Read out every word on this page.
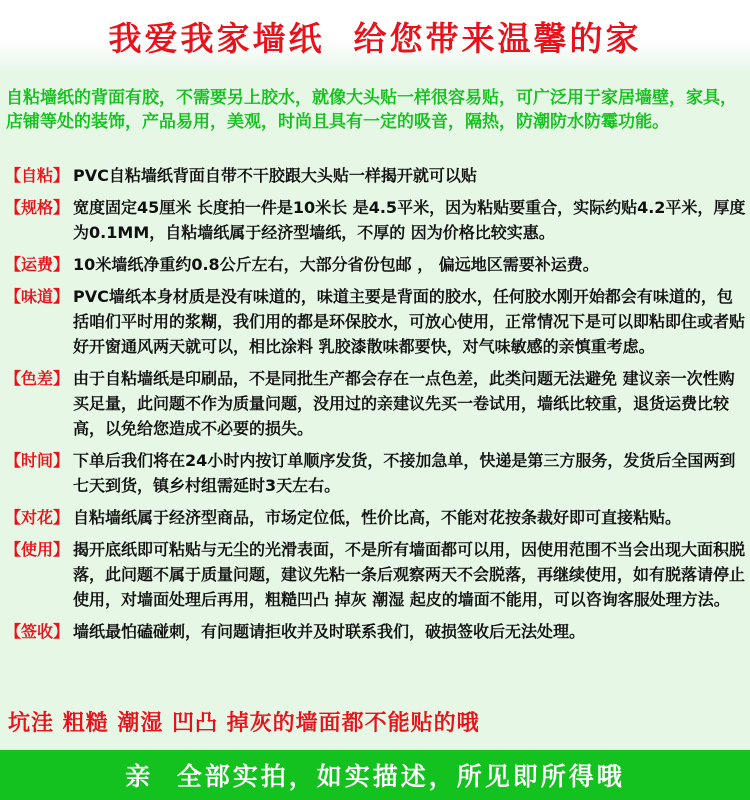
我爱我家墙纸  给您带来温馨的家
自粘墙纸的背面有胶，不需要另上胶水，就像大头贴一样很容易贴，可广泛用于家居墙壁，家具，店铺等处的装饰，产品易用，美观，时尚且具有一定的吸音，隔热，防潮防水防霉功能。
【自粘】 PVC自粘墙纸背面自带不干胶跟大头贴一样揭开就可以贴
【规格】 宽度固定45厘米 长度拍一件是10米长 是4.5平米，因为粘贴要重合，实际约贴4.2平米，厚度为0.1MM，自粘墙纸属于经济型墙纸，不厚的 因为价格比较实惠。
【运费】 10米墙纸净重约0.8公斤左右，大部分省份包邮 ， 偏远地区需要补运费。
【味道】 PVC墙纸本身材质是没有味道的，味道主要是背面的胶水，任何胶水刚开始都会有味道的，包括咱们平时用的浆糊，我们用的都是环保胶水，可放心使用，正常情况下是可以即粘即住或者贴好开窗通风两天就可以，相比涂料 乳胶漆散味都要快，对气味敏感的亲慎重考虑。
【色差】 由于自粘墙纸是印刷品，不是同批生产都会存在一点色差，此类问题无法避免 建议亲一次性购买足量，此问题不作为质量问题，没用过的亲建议先买一卷试用，墙纸比较重，退货运费比较高，以免给您造成不必要的损失。
【时间】 下单后我们将在24小时内按订单顺序发货，不接加急单，快递是第三方服务，发货后全国两到七天到货，镇乡村组需延时3天左右。
【对花】 自粘墙纸属于经济型商品，市场定位低，性价比高，不能对花按条裁好即可直接粘贴。
【使用】 揭开底纸即可粘贴与无尘的光滑表面，不是所有墙面都可以用，因使用范围不当会出现大面积脱落，此问题不属于质量问题，建议先粘一条后观察两天不会脱落，再继续使用，如有脱落请停止使用，对墙面处理后再用，粗糙凹凸 掉灰 潮湿 起皮的墙面不能用，可以咨询客服处理方法。
【签收】 墙纸最怕磕碰刺，有问题请拒收并及时联系我们，破损签收后无法处理。
坑洼 粗糙 潮湿 凹凸 掉灰的墙面都不能贴的哦
亲  全部实拍，如实描述，所见即所得哦
